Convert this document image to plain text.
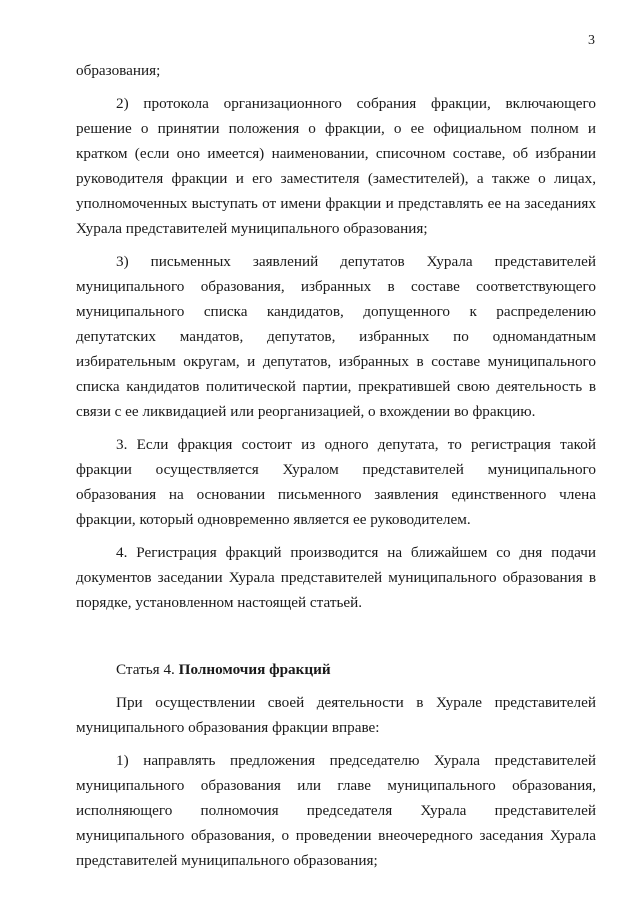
3

образования;

2) протокола организационного собрания фракции, включающего решение о принятии положения о фракции, о ее официальном полном и кратком (если оно имеется) наименовании, списочном составе, об избрании руководителя фракции и его заместителя (заместителей), а также о лицах, уполномоченных выступать от имени фракции и представлять ее на заседаниях Хурала представителей муниципального образования;

3) письменных заявлений депутатов Хурала представителей муниципального образования, избранных в составе соответствующего муниципального списка кандидатов, допущенного к распределению депутатских мандатов, депутатов, избранных по одномандатным избирательным округам, и депутатов, избранных в составе муниципального списка кандидатов политической партии, прекратившей свою деятельность в связи с ее ликвидацией или реорганизацией, о вхождении во фракцию.

3. Если фракция состоит из одного депутата, то регистрация такой фракции осуществляется Хуралом представителей муниципального образования на основании письменного заявления единственного члена фракции, который одновременно является ее руководителем.

4. Регистрация фракций производится на ближайшем со дня подачи документов заседании Хурала представителей муниципального образования в порядке, установленном настоящей статьей.

Статья 4. Полномочия фракций

При осуществлении своей деятельности в Хурале представителей муниципального образования фракции вправе:

1) направлять предложения председателю Хурала представителей муниципального образования или главе муниципального образования, исполняющего полномочия председателя Хурала представителей муниципального образования, о проведении внеочередного заседания Хурала представителей муниципального образования;
